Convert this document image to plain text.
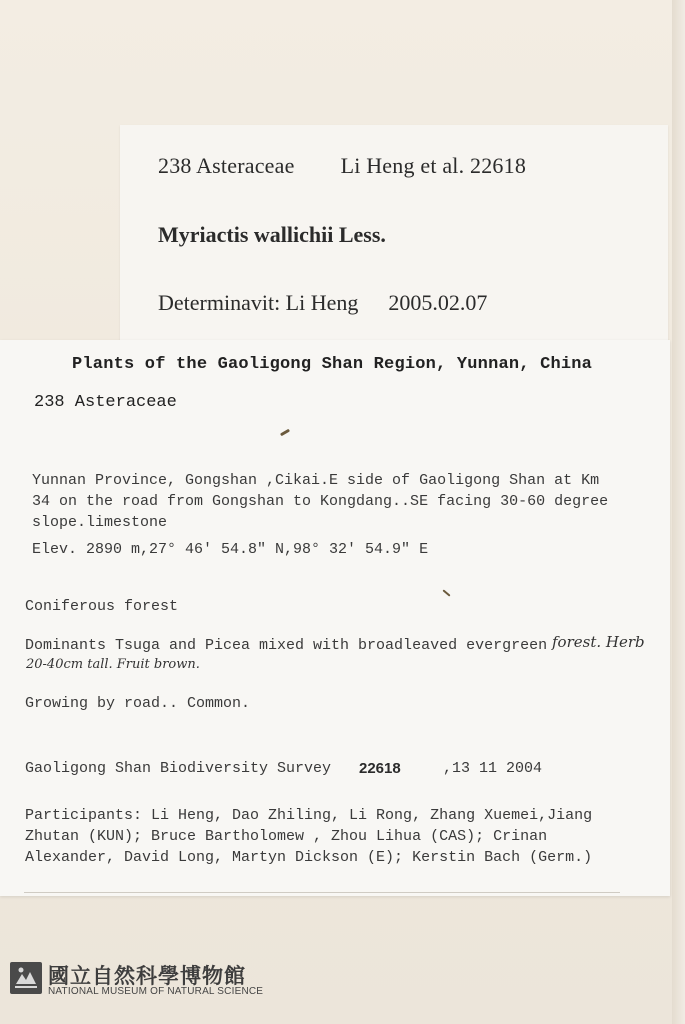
238 Asteraceae Li Heng et al. 22618
Myriactis wallichii Less.
Determinavit: Li Heng 2005.02.07
Plants of the Gaoligong Shan Region, Yunnan, China
238 Asteraceae
Yunnan Province, Gongshan ,Cikai.E side of Gaoligong Shan at Km
34 on the road from Gongshan to Kongdang..SE facing 30-60 degree
slope.limestone
Elev. 2890 m,27° 46′ 54.8″ N,98° 32′ 54.9″ E
Coniferous forest
Dominants Tsuga and Picea mixed with broadleaved evergreen forest. Herb
20-40cm tall. Fruit brown.
Growing by road.. Common.
Gaoligong Shan Biodiversity Survey 22618	,13 11 2004
Participants: Li Heng, Dao Zhiling, Li Rong, Zhang Xuemei,Jiang
Zhutan (KUN); Bruce Bartholomew , Zhou Lihua (CAS); Crinan
Alexander, David Long, Martyn Dickson (E); Kerstin Bach (Germ.)
國立自然科學博物館
NATIONAL MUSEUM OF NATURAL SCIENCE
